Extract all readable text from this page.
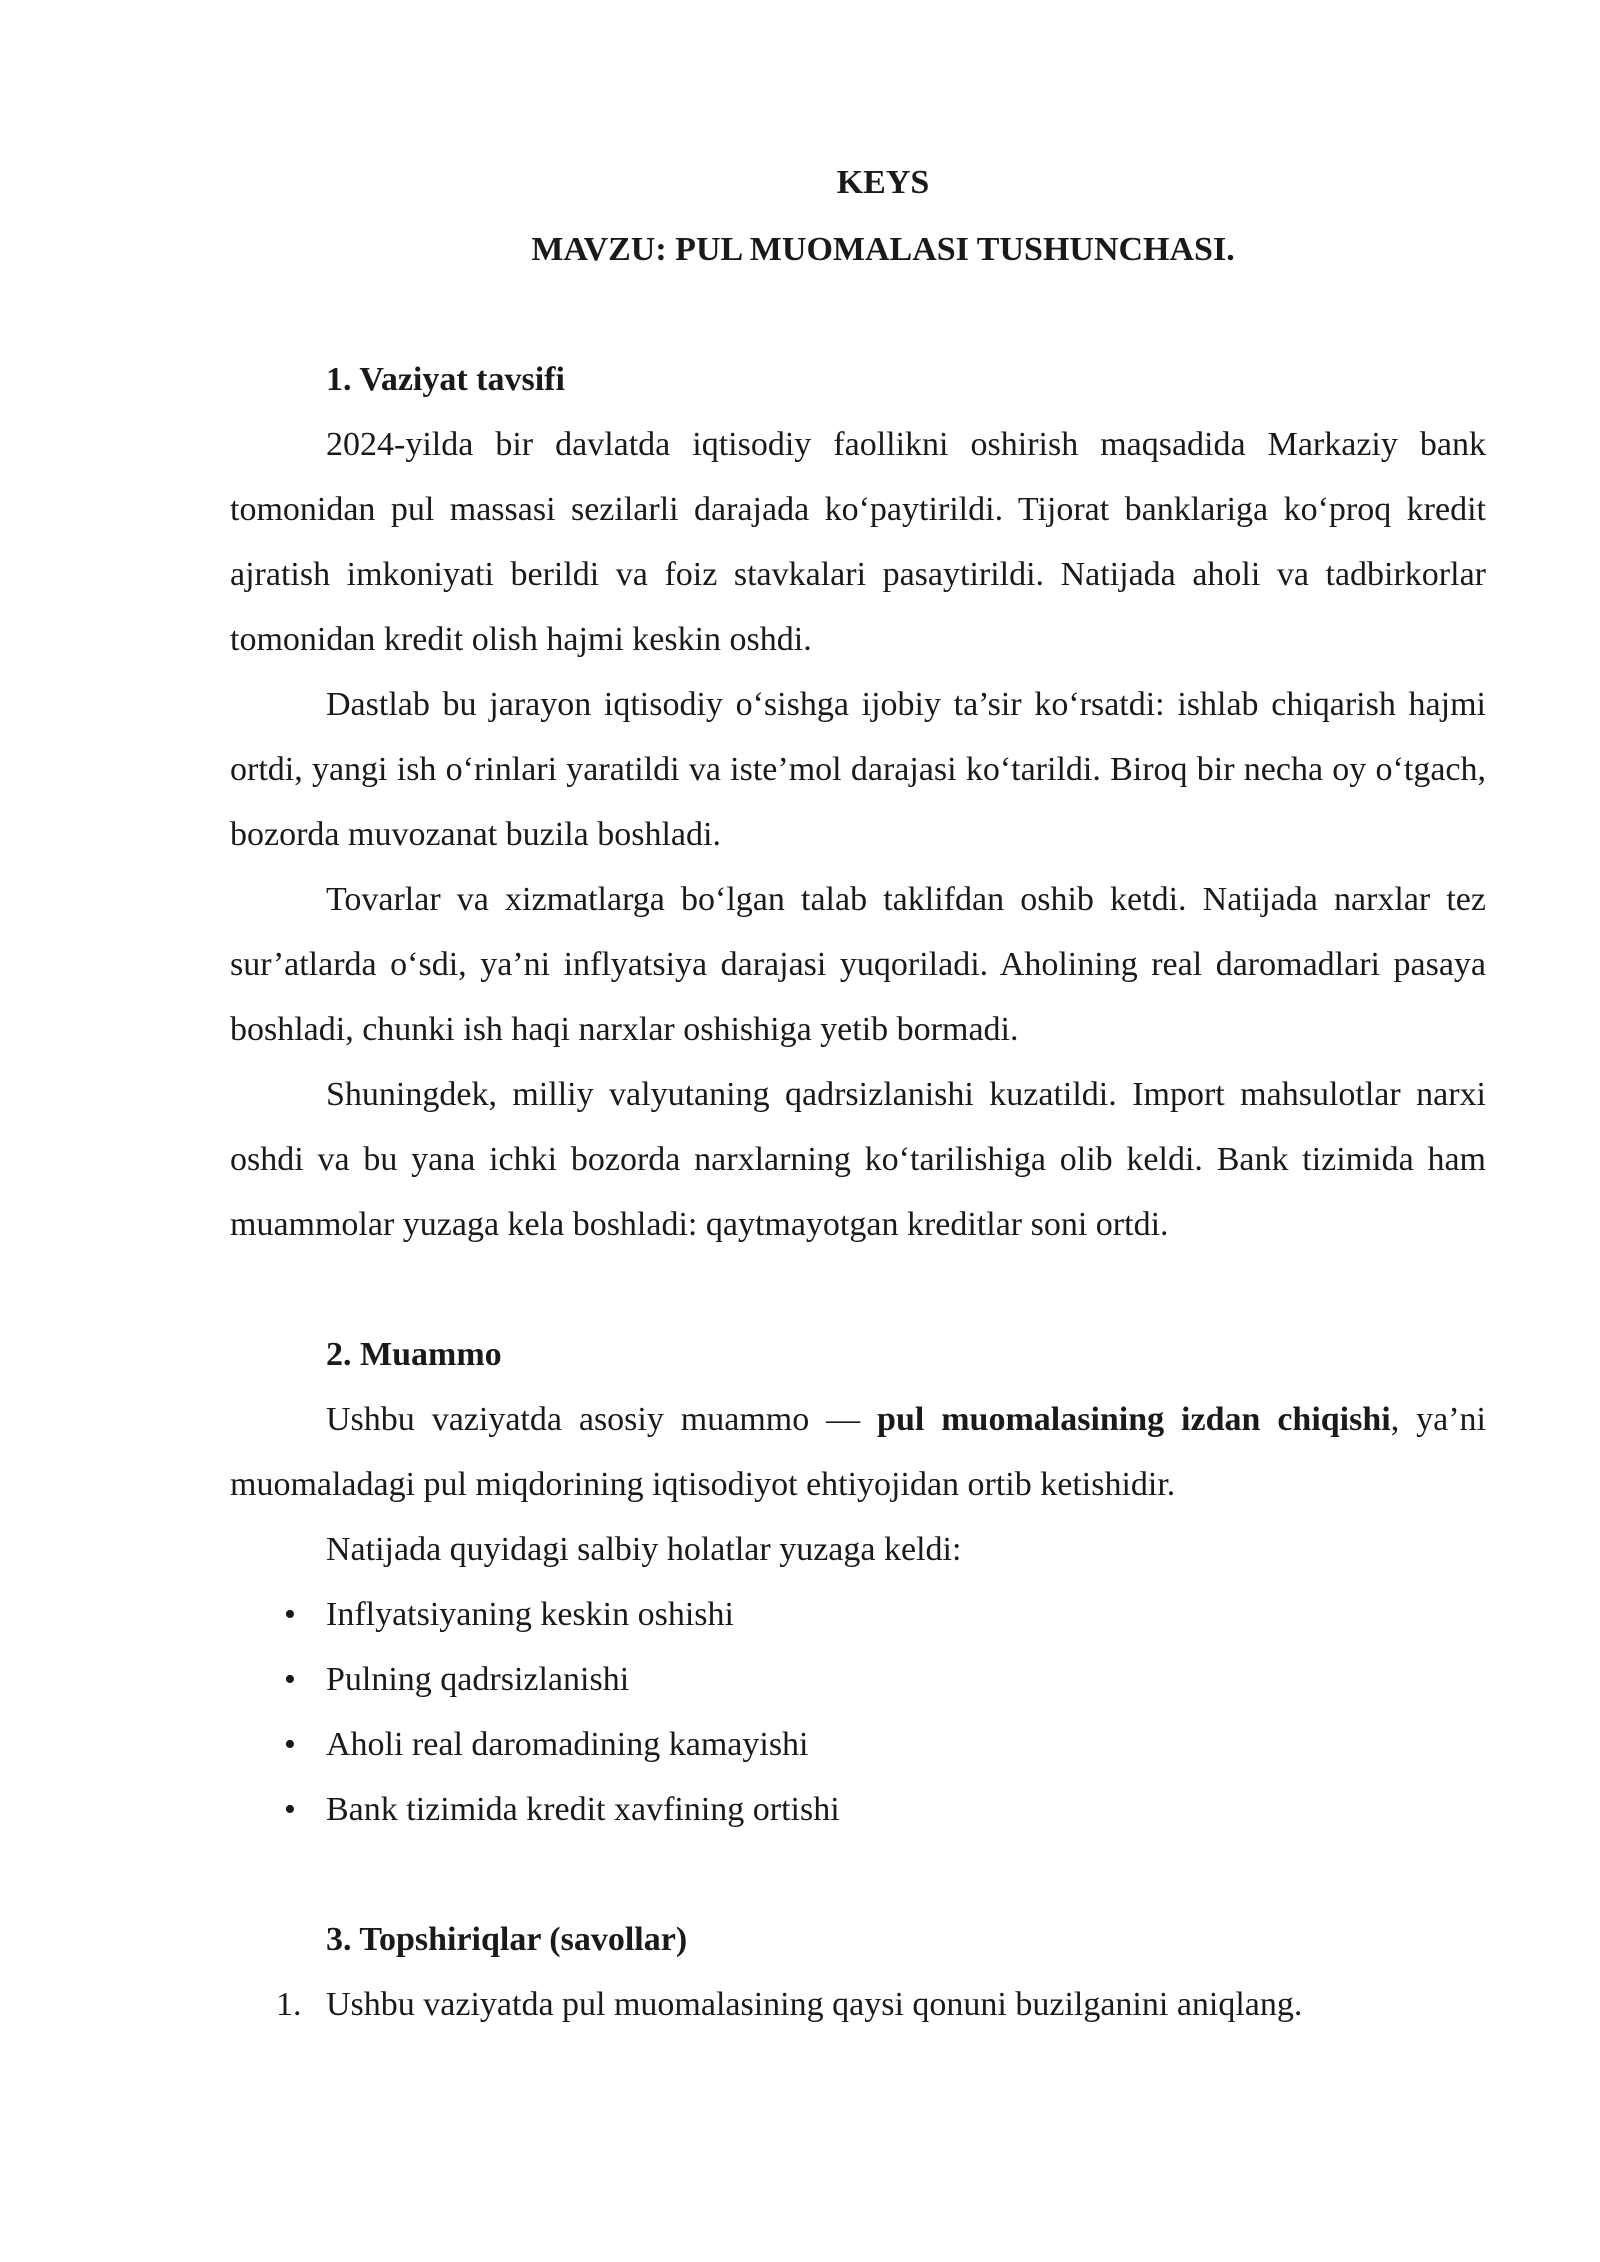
KEYS
MAVZU: PUL MUOMALASI TUSHUNCHASI.

1. Vaziyat tavsifi

2024-yilda bir davlatda iqtisodiy faollikni oshirish maqsadida Markaziy bank tomonidan pul massasi sezilarli darajada ko‘paytirildi. Tijorat banklariga ko‘proq kredit ajratish imkoniyati berildi va foiz stavkalari pasaytirildi. Natijada aholi va tadbirkorlar tomonidan kredit olish hajmi keskin oshdi.

Dastlab bu jarayon iqtisodiy o‘sishga ijobiy ta’sir ko‘rsatdi: ishlab chiqarish hajmi ortdi, yangi ish o‘rinlari yaratildi va iste’mol darajasi ko‘tarildi. Biroq bir necha oy o‘tgach, bozorda muvozanat buzila boshladi.

Tovarlar va xizmatlarga bo‘lgan talab taklifdan oshib ketdi. Natijada narxlar tez sur’atlarda o‘sdi, ya’ni inflyatsiya darajasi yuqoriladi. Aholining real daromadlari pasaya boshladi, chunki ish haqi narxlar oshishiga yetib bormadi.

Shuningdek, milliy valyutaning qadrsizlanishi kuzatildi. Import mahsulotlar narxi oshdi va bu yana ichki bozorda narxlarning ko‘tarilishiga olib keldi. Bank tizimida ham muammolar yuzaga kela boshladi: qaytmayotgan kreditlar soni ortdi.

2. Muammo

Ushbu vaziyatda asosiy muammo — pul muomalasining izdan chiqishi, ya’ni muomaladagi pul miqdorining iqtisodiyot ehtiyojidan ortib ketishidir.

Natijada quyidagi salbiy holatlar yuzaga keldi:

• Inflyatsiyaning keskin oshishi
• Pulning qadrsizlanishi
• Aholi real daromadining kamayishi
• Bank tizimida kredit xavfining ortishi

3. Topshiriqlar (savollar)

1. Ushbu vaziyatda pul muomalasining qaysi qonuni buzilganini aniqlang.
